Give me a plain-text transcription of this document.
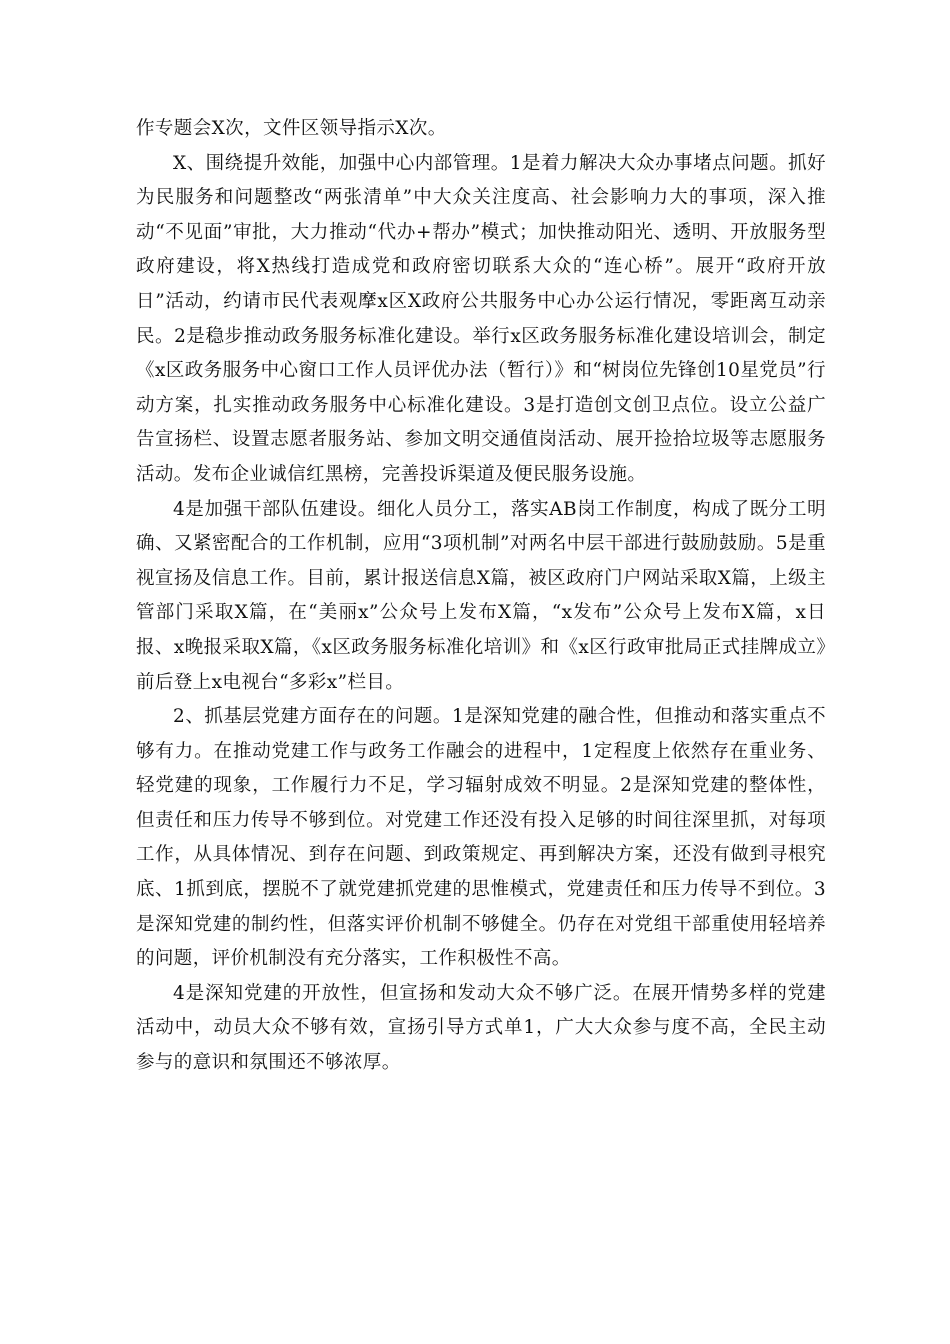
作专题会X次，文件区领导指示X次。

X、围绕提升效能，加强中心内部管理。1是着力解决大众办事堵点问题。抓好为民服务和问题整改“两张清单”中大众关注度高、社会影响力大的事项，深入推动“不见面”审批，大力推动“代办+帮办”模式；加快推动阳光、透明、开放服务型政府建设，将X热线打造成党和政府密切联系大众的“连心桥”。展开“政府开放日”活动，约请市民代表观摩x区X政府公共服务中心办公运行情况，零距离互动亲民。2是稳步推动政务服务标准化建设。举行x区政务服务标准化建设培训会，制定《x区政务服务中心窗口工作人员评优办法（暂行）》和“树岗位先锋创10星党员”行动方案，扎实推动政务服务中心标准化建设。3是打造创文创卫点位。设立公益广告宣扬栏、设置志愿者服务站、参加文明交通值岗活动、展开捡拾垃圾等志愿服务活动。发布企业诚信红黑榜，完善投诉渠道及便民服务设施。

4是加强干部队伍建设。细化人员分工，落实AB岗工作制度，构成了既分工明确、又紧密配合的工作机制，应用“3项机制”对两名中层干部进行鼓励鼓励。5是重视宣扬及信息工作。目前，累计报送信息X篇，被区政府门户网站采取X篇，上级主管部门采取X篇，在“美丽x”公众号上发布X篇，“x发布”公众号上发布X篇，x日报、x晚报采取X篇，《x区政务服务标准化培训》和《x区行政审批局正式挂牌成立》前后登上x电视台“多彩x”栏目。

2、抓基层党建方面存在的问题。1是深知党建的融合性，但推动和落实重点不够有力。在推动党建工作与政务工作融会的进程中，1定程度上依然存在重业务、轻党建的现象，工作履行力不足，学习辐射成效不明显。2是深知党建的整体性，但责任和压力传导不够到位。对党建工作还没有投入足够的时间往深里抓，对每项工作，从具体情况、到存在问题、到政策规定、再到解决方案，还没有做到寻根究底、1抓到底，摆脱不了就党建抓党建的思惟模式，党建责任和压力传导不到位。3是深知党建的制约性，但落实评价机制不够健全。仍存在对党组干部重使用轻培养的问题，评价机制没有充分落实，工作积极性不高。

4是深知党建的开放性，但宣扬和发动大众不够广泛。在展开情势多样的党建活动中，动员大众不够有效，宣扬引导方式单1，广大大众参与度不高，全民主动参与的意识和氛围还不够浓厚。
